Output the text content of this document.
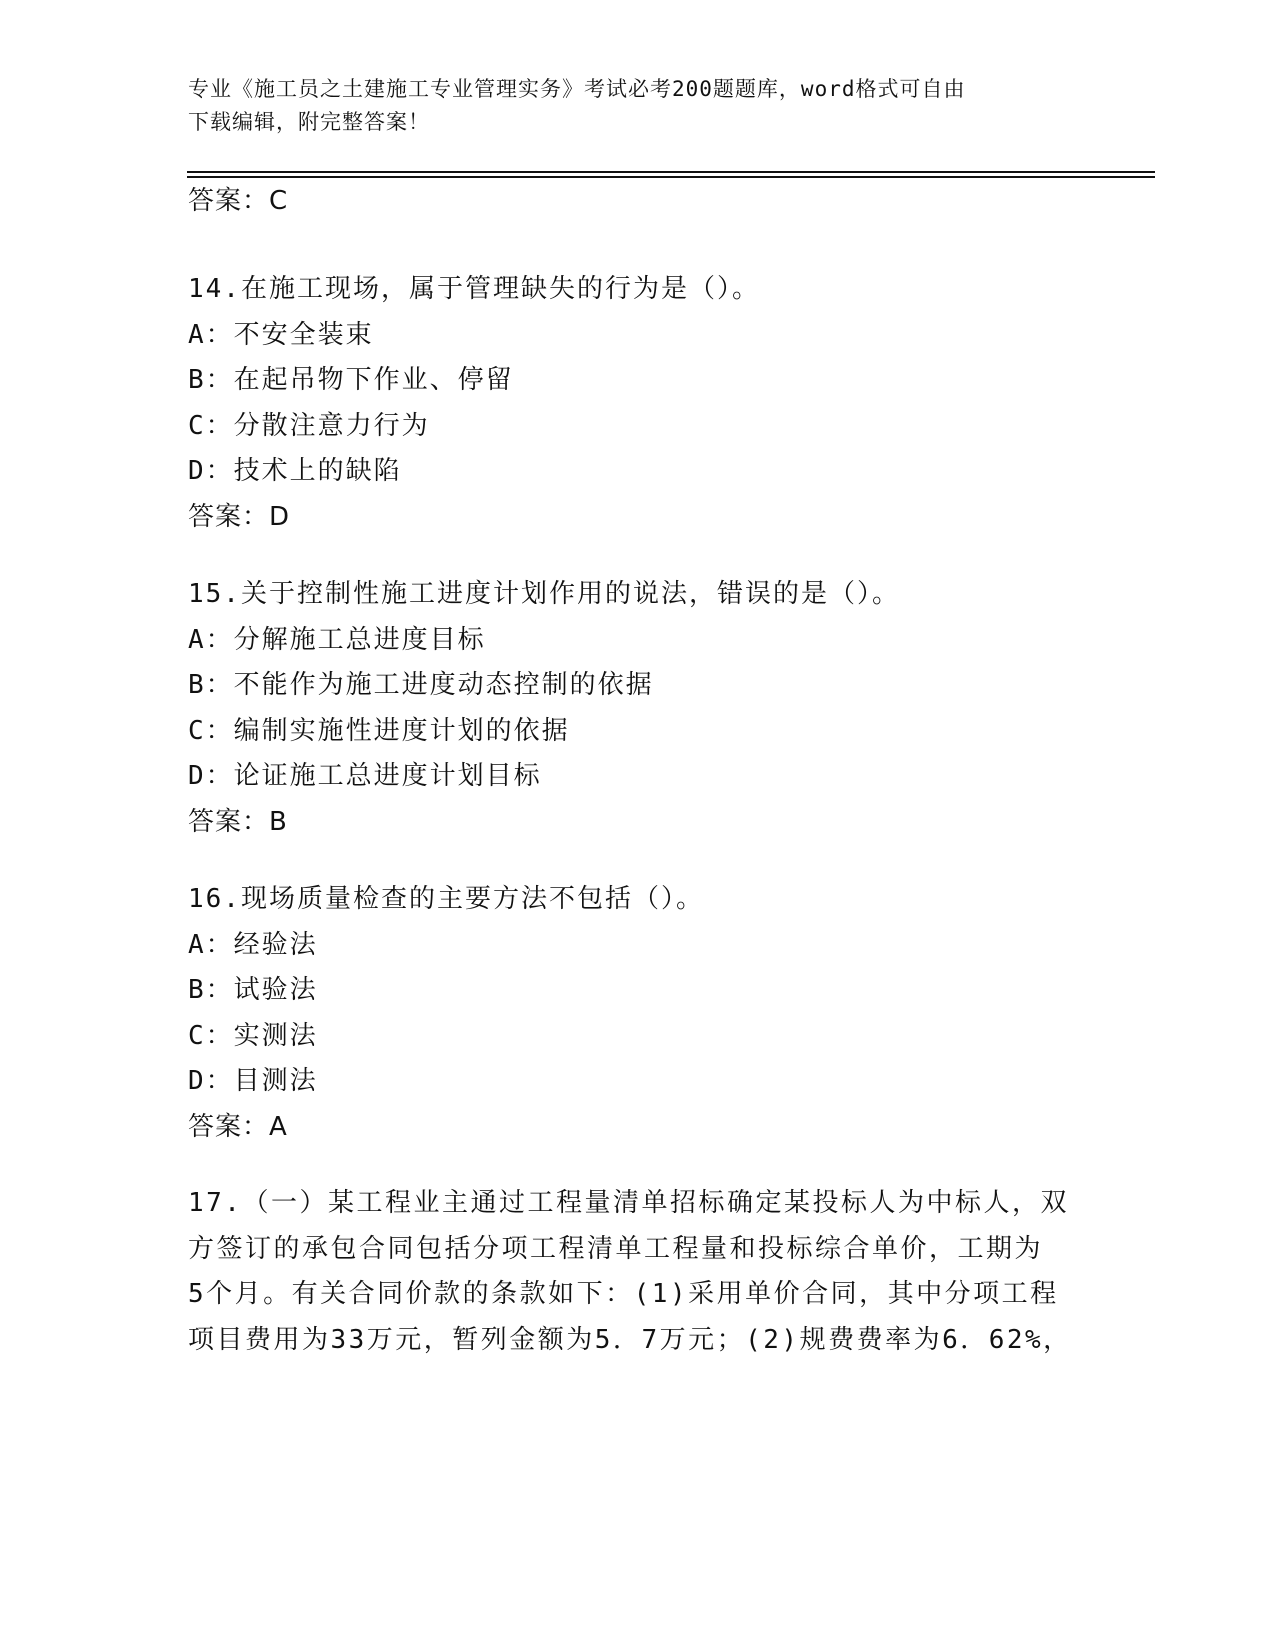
专业《施工员之土建施工专业管理实务》考试必考200题题库，word格式可自由
下载编辑，附完整答案！
答案：C
14.在施工现场，属于管理缺失的行为是（）。
A：不安全装束
B：在起吊物下作业、停留
C：分散注意力行为
D：技术上的缺陷
答案：D
15.关于控制性施工进度计划作用的说法，错误的是（）。
A：分解施工总进度目标
B：不能作为施工进度动态控制的依据
C：编制实施性进度计划的依据
D：论证施工总进度计划目标
答案：B
16.现场质量检查的主要方法不包括（）。
A：经验法
B：试验法
C：实测法
D：目测法
答案：A
17.（一）某工程业主通过工程量清单招标确定某投标人为中标人，双
方签订的承包合同包括分项工程清单工程量和投标综合单价，工期为
5个月。有关合同价款的条款如下：(1)采用单价合同，其中分项工程
项目费用为33万元，暂列金额为5．7万元；(2)规费费率为6．62%，
